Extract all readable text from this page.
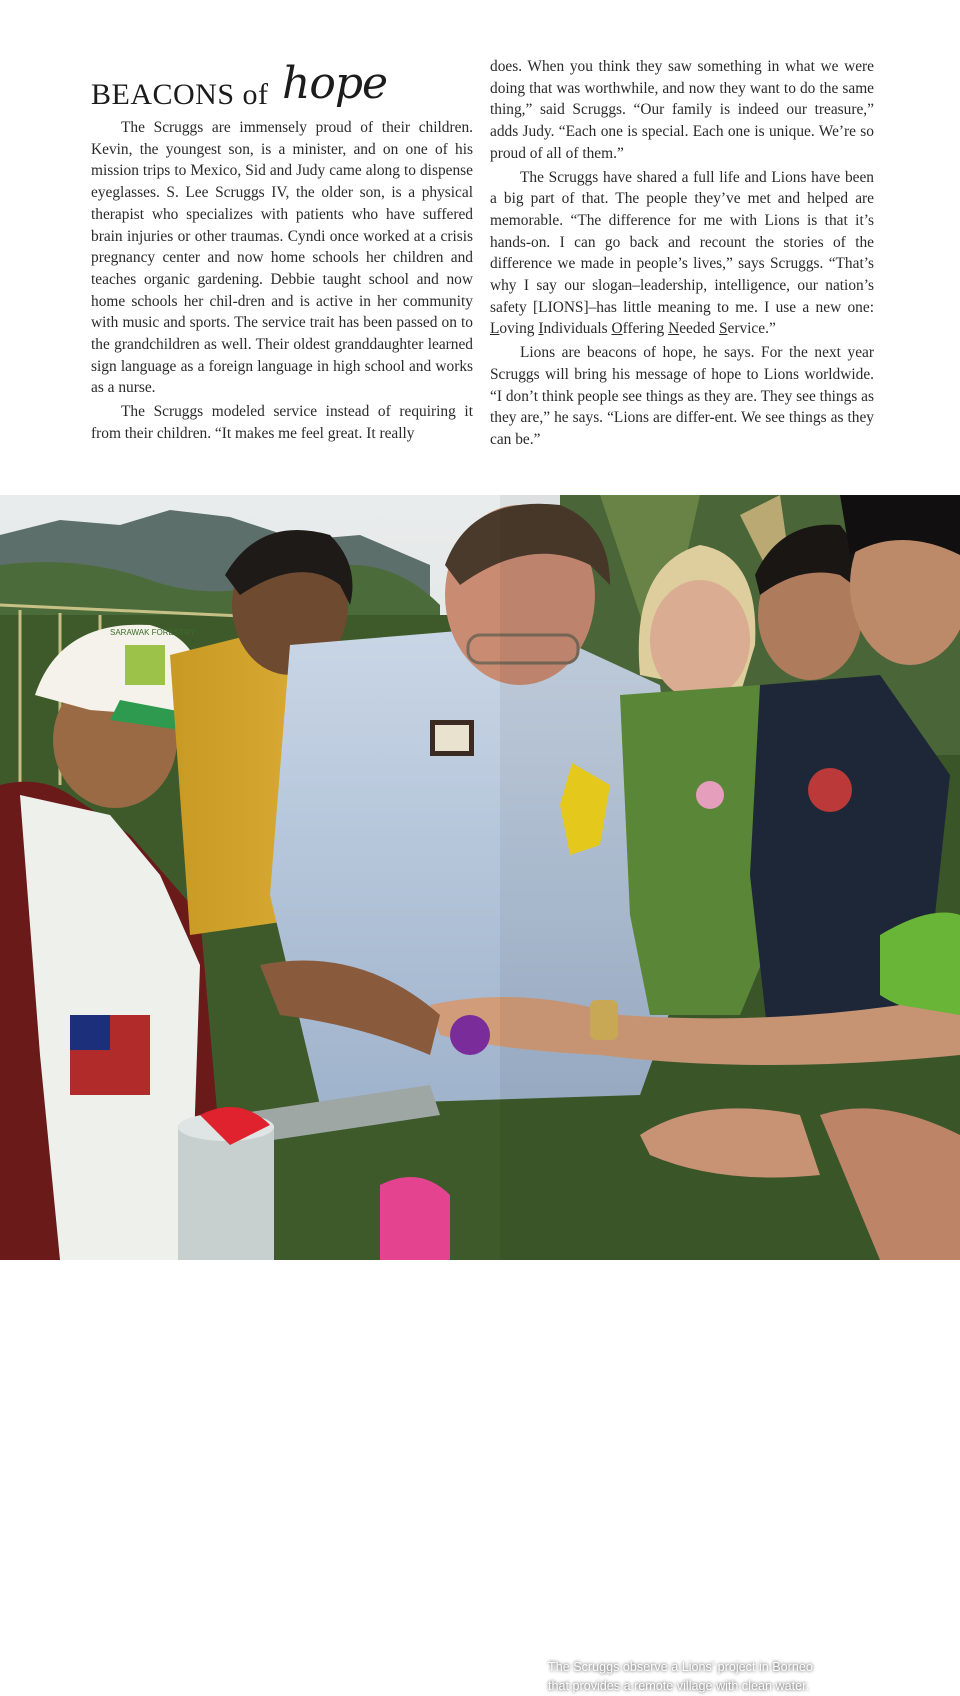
BEACONS of hope

The Scruggs are immensely proud of their children. Kevin, the youngest son, is a minister, and on one of his mission trips to Mexico, Sid and Judy came along to dispense eyeglasses. S. Lee Scruggs IV, the older son, is a physical therapist who specializes with patients who have suffered brain injuries or other traumas. Cyndi once worked at a crisis pregnancy center and now home schools her children and teaches organic gardening. Debbie taught school and now home schools her chil-dren and is active in her community with music and sports. The service trait has been passed on to the grandchildren as well. Their oldest granddaughter learned sign language as a foreign language in high school and works as a nurse.

The Scruggs modeled service instead of requiring it from their children. “It makes me feel great. It really

does. When you think they saw something in what we were doing that was worthwhile, and now they want to do the same thing,” said Scruggs. “Our family is indeed our treasure,” adds Judy. “Each one is special. Each one is unique. We’re so proud of all of them.”

The Scruggs have shared a full life and Lions have been a big part of that. The people they’ve met and helped are memorable. “The difference for me with Lions is that it’s hands-on. I can go back and recount the stories of the difference we made in people’s lives,” says Scruggs. “That’s why I say our slogan–leadership, intelligence, our nation’s safety [LIONS]–has little meaning to me. I use a new one: Loving Individuals Offering Needed Service.”

Lions are beacons of hope, he says. For the next year Scruggs will bring his message of hope to Lions worldwide. “I don’t think people see things as they are. They see things as they are,” he says. “Lions are differ-ent. We see things as they can be.”

SARAWAK FORESTRY
The Scruggs observe a Lions’ project in Borneo
that provides a remote village with clean water.
